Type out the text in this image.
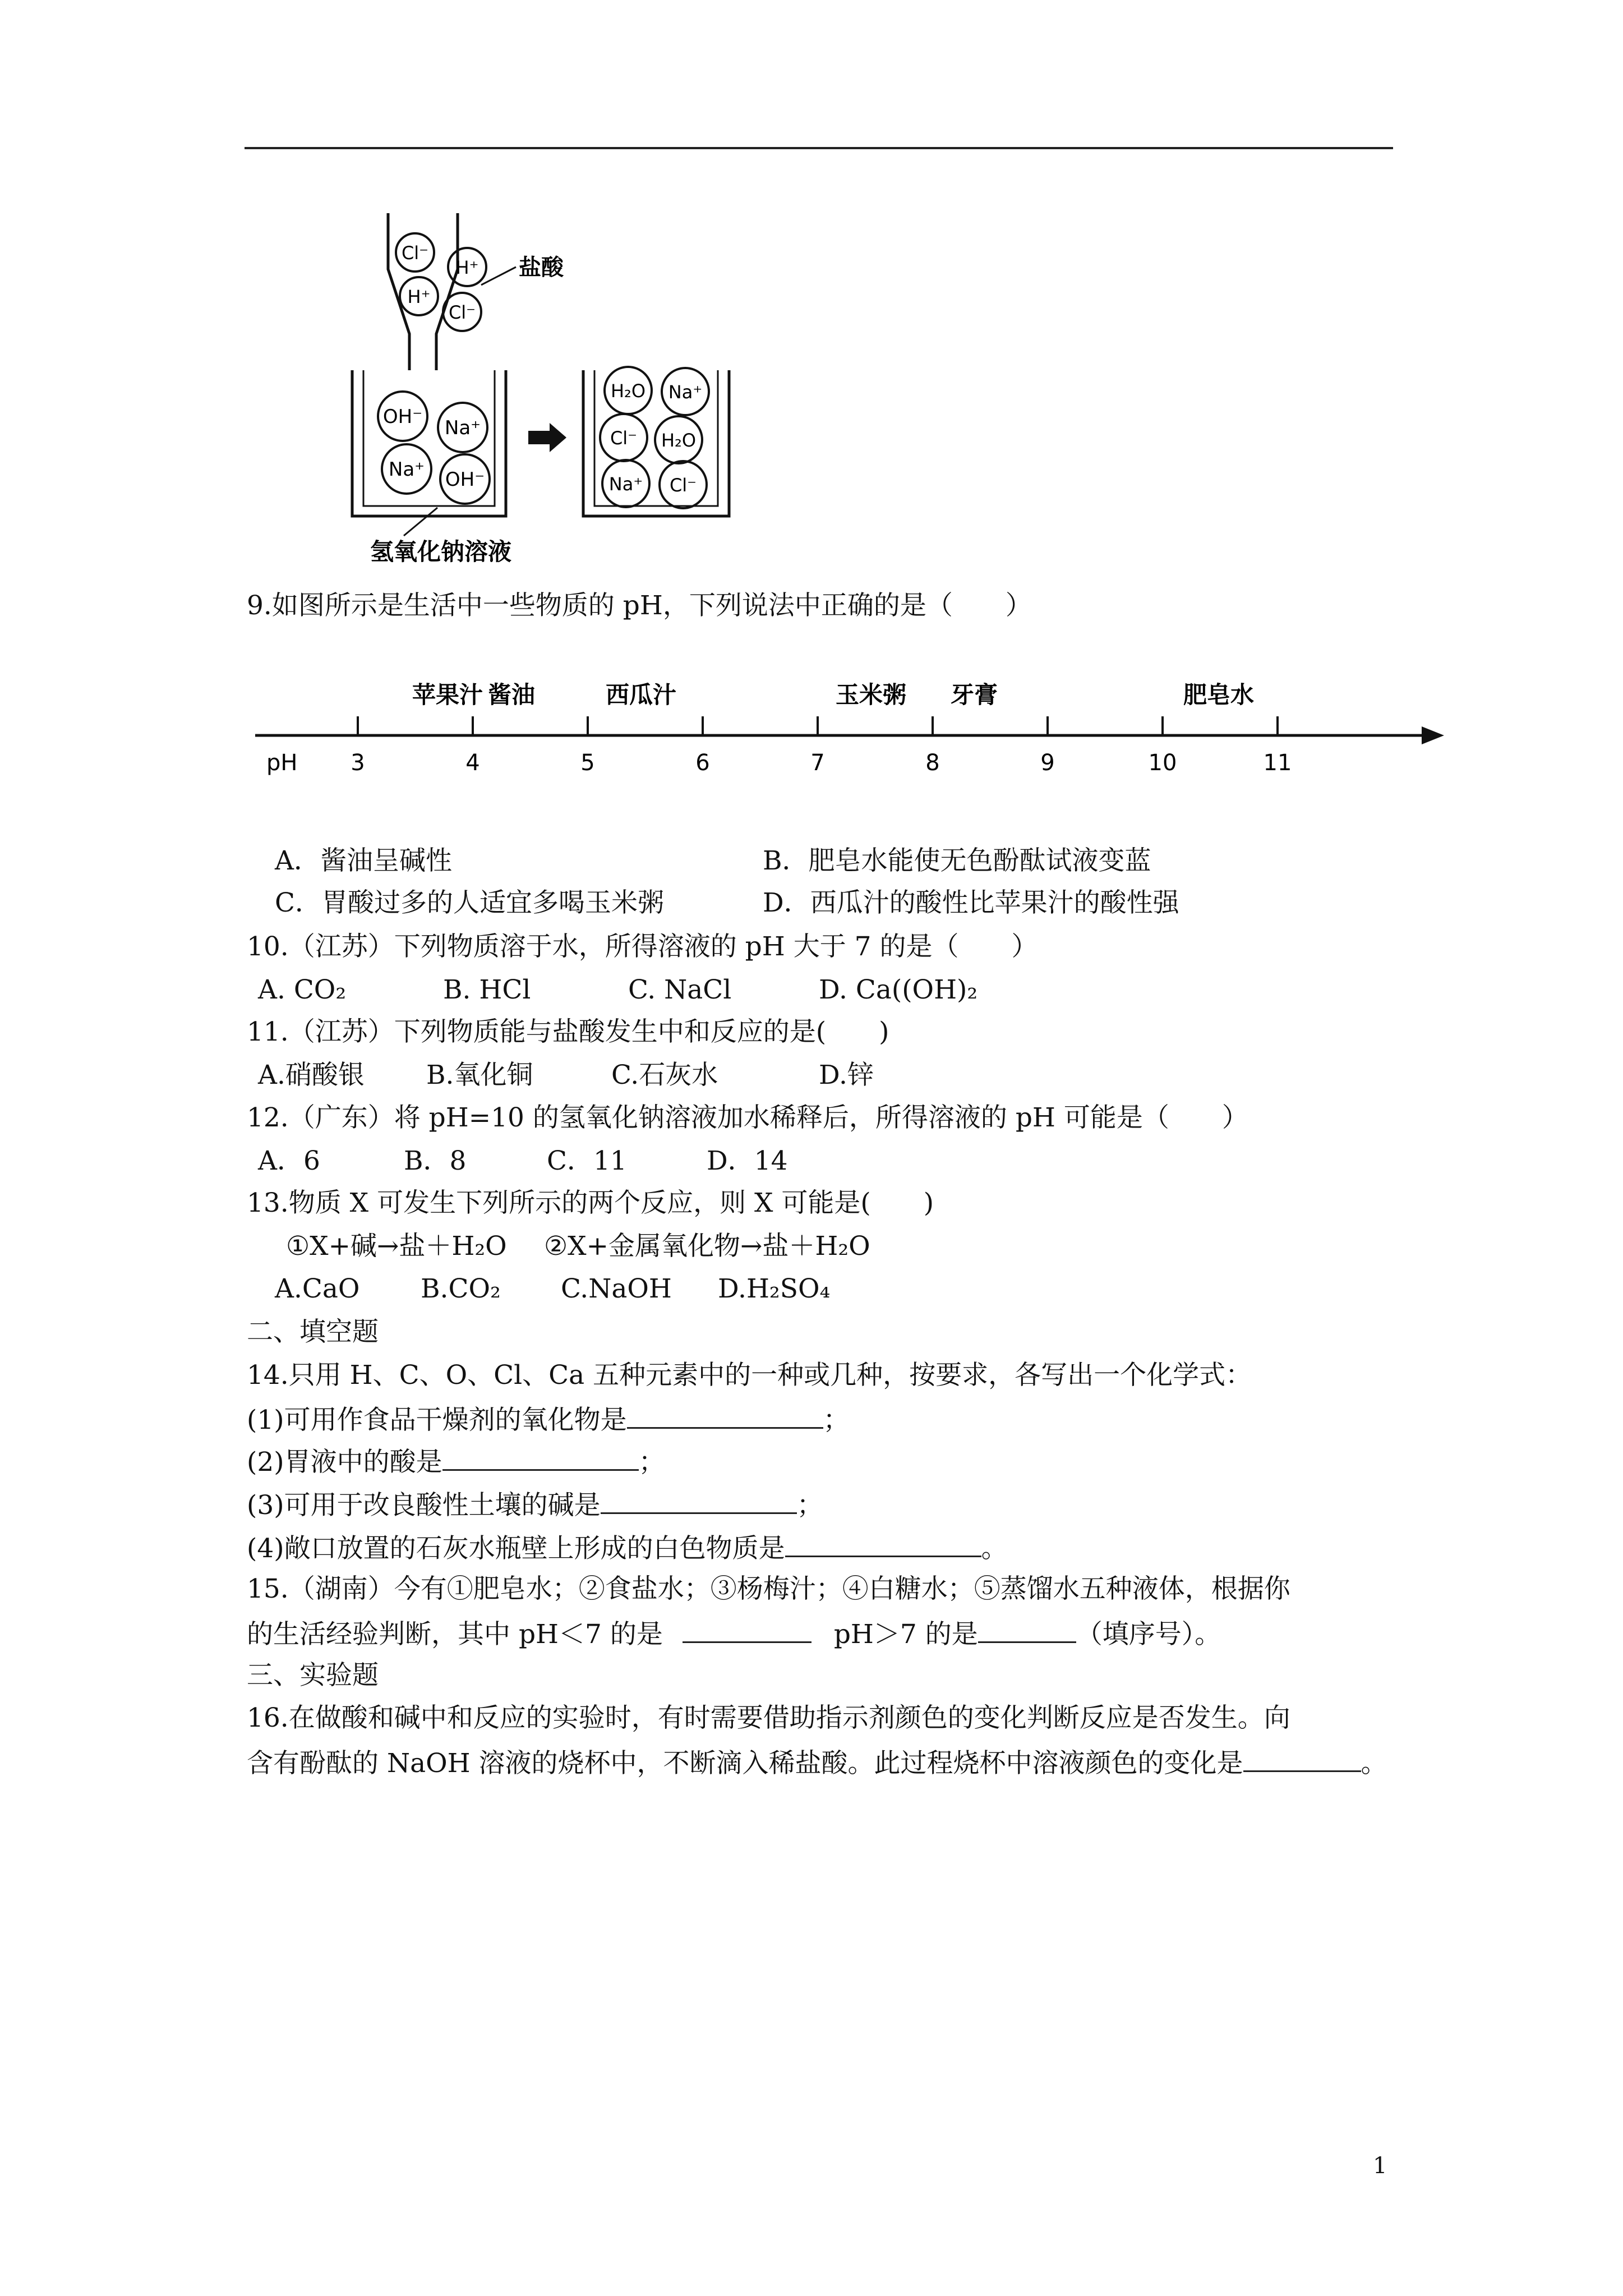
Cl⁻
H⁺
H⁺
Cl⁻
盐酸
OH⁻ Na⁺
Na⁺ OH⁻
氢氧化钠溶液
H₂O Na⁺
Cl⁻ H₂O
Na⁺ Cl⁻
9.如图所示是生活中一些物质的 pH，下列说法中正确的是（　　）
pH 3	4	5	6	7	8	9	10	11
苹果汁 酱油	西瓜汁	玉米粥 牙膏	肥皂水
A．酱油呈碱性	B．肥皂水能使无色酚酞试液变蓝
C．胃酸过多的人适宜多喝玉米粥	D．西瓜汁的酸性比苹果汁的酸性强
10.（江苏）下列物质溶于水，所得溶液的 pH 大于 7 的是（　　）
A. CO₂	B. HCl	C. NaCl	D. Ca((OH)₂
11.（江苏）下列物质能与盐酸发生中和反应的是(　　)
A.硝酸银 B.氧化铜	C.石灰水	D.锌
12.（广东）将 pH=10 的氢氧化钠溶液加水稀释后，所得溶液的 pH 可能是（　　）
A．6	B．8	C．11	D．14
13.物质 X 可发生下列所示的两个反应，则 X 可能是(　　)
①X+碱→盐＋H₂O ②X+金属氧化物→盐＋H₂O
A.CaO B.CO₂ C.NaOH D.H₂SO₄
二、填空题
14.只用 H、C、O、Cl、Ca 五种元素中的一种或几种，按要求，各写出一个化学式：
(1)可用作食品干燥剂的氧化物是	；
(2)胃液中的酸是	；
(3)可用于改良酸性土壤的碱是	；
(4)敞口放置的石灰水瓶壁上形成的白色物质是	。
15.（湖南）今有①肥皂水；②食盐水；③杨梅汁；④白糖水；⑤蒸馏水五种液体，根据你
的生活经验判断，其中 pH＜7 的是	pH＞7 的是	（填序号）。
三、实验题
16.在做酸和碱中和反应的实验时，有时需要借助指示剂颜色的变化判断反应是否发生。向
含有酚酞的 NaOH 溶液的烧杯中，不断滴入稀盐酸。此过程烧杯中溶液颜色的变化是	。
1
